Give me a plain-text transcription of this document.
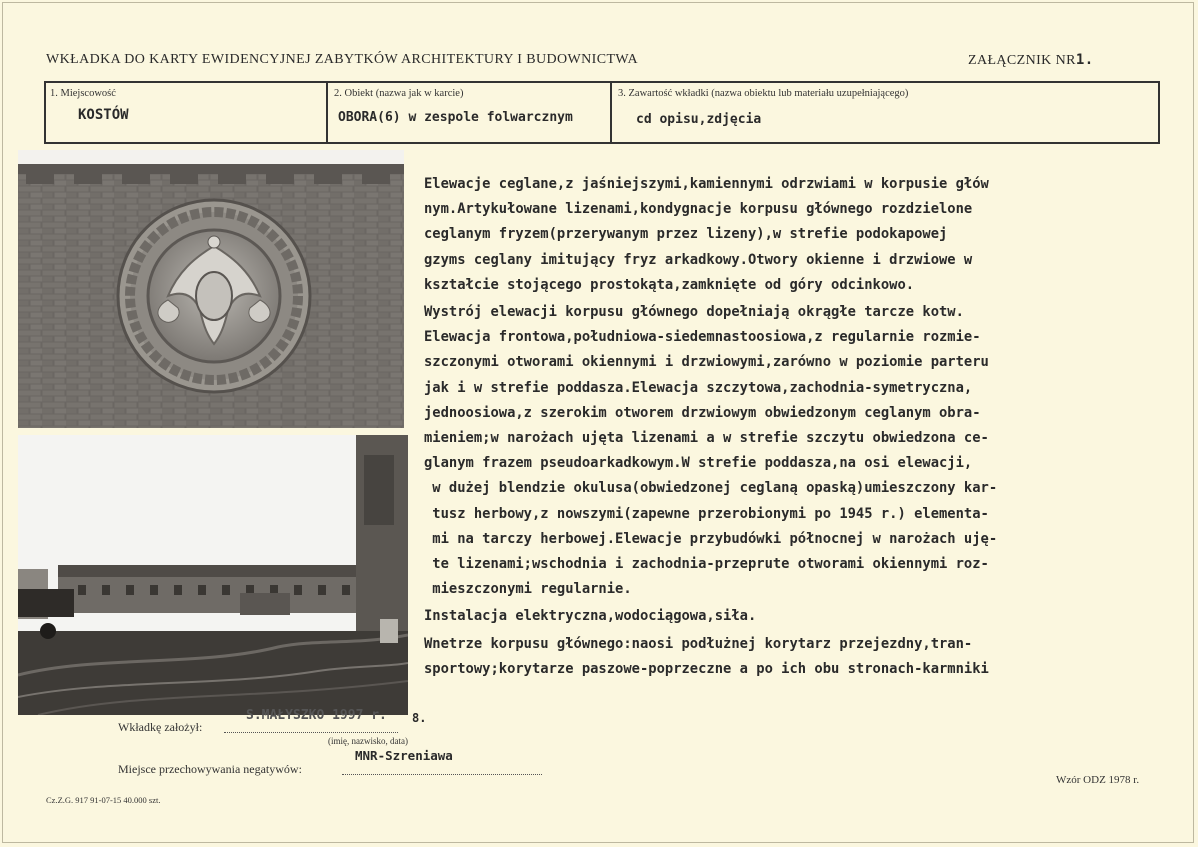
WKŁADKA DO KARTY EWIDENCYJNEJ ZABYTKÓW ARCHITEKTURY I BUDOWNICTWA	ZAŁĄCZNIK NR1.
1. Miejscowość
KOSTÓW
2. Obiekt (nazwa jak w karcie)
OBORA(6) w zespole folwarcznym
3. Zawartość wkładki (nazwa obiektu lub materiału uzupełniającego)
cd opisu,zdjęcia
Elewacje ceglane,z jaśniejszymi,kamiennymi odrzwiami w korpusie głów
nym.Artykułowane lizenami,kondygnacje korpusu głównego rozdzielone
ceglanym fryzem(przerywanym przez lizeny),w strefie podokapowej
gzyms ceglany imitujący fryz arkadkowy.Otwory okienne i drzwiowe w
kształcie stojącego prostokąta,zamknięte od góry odcinkowo.
Wystrój elewacji korpusu głównego dopełniają okrągłe tarcze kotw.
Elewacja frontowa,południowa-siedemnastoosiowa,z regularnie rozmie-
szczonymi otworami okiennymi i drzwiowymi,zarówno w poziomie parteru
jak i w strefie poddasza.Elewacja szczytowa,zachodnia-symetryczna,
jednoosiowa,z szerokim otworem drzwiowym obwiedzonym ceglanym obra-
mieniem;w narożach ujęta lizenami a w strefie szczytu obwiedzona ce-
glanym frazem pseudoarkadkowym.W strefie poddasza,na osi elewacji,
w dużej blendzie okulusa(obwiedzonej ceglaną opaską)umieszczony kar-
tusz herbowy,z nowszymi(zapewne przerobionymi po 1945 r.) elementa-
mi na tarczy herbowej.Elewacje przybudówki północnej w narożach uję-
te lizenami;wschodnia i zachodnia-przeprute otworami okiennymi roz-
mieszczonymi regularnie.
Instalacja elektryczna,wodociągowa,siła.
Wnetrze korpusu głównego:naosi podłużnej korytarz przejezdny,tran-
sportowy;korytarze paszowe-poprzeczne a po ich obu stronach-karmniki
Wkładkę założył:
S.MAŁYSZKO 1997 r. 8.
(imię, nazwisko, data)
MNR-Szreniawa
Miejsce przechowywania negatywów:
Wzór ODZ 1978 r.
Cz.Z.G. 917 91-07-15 40.000 szt.
